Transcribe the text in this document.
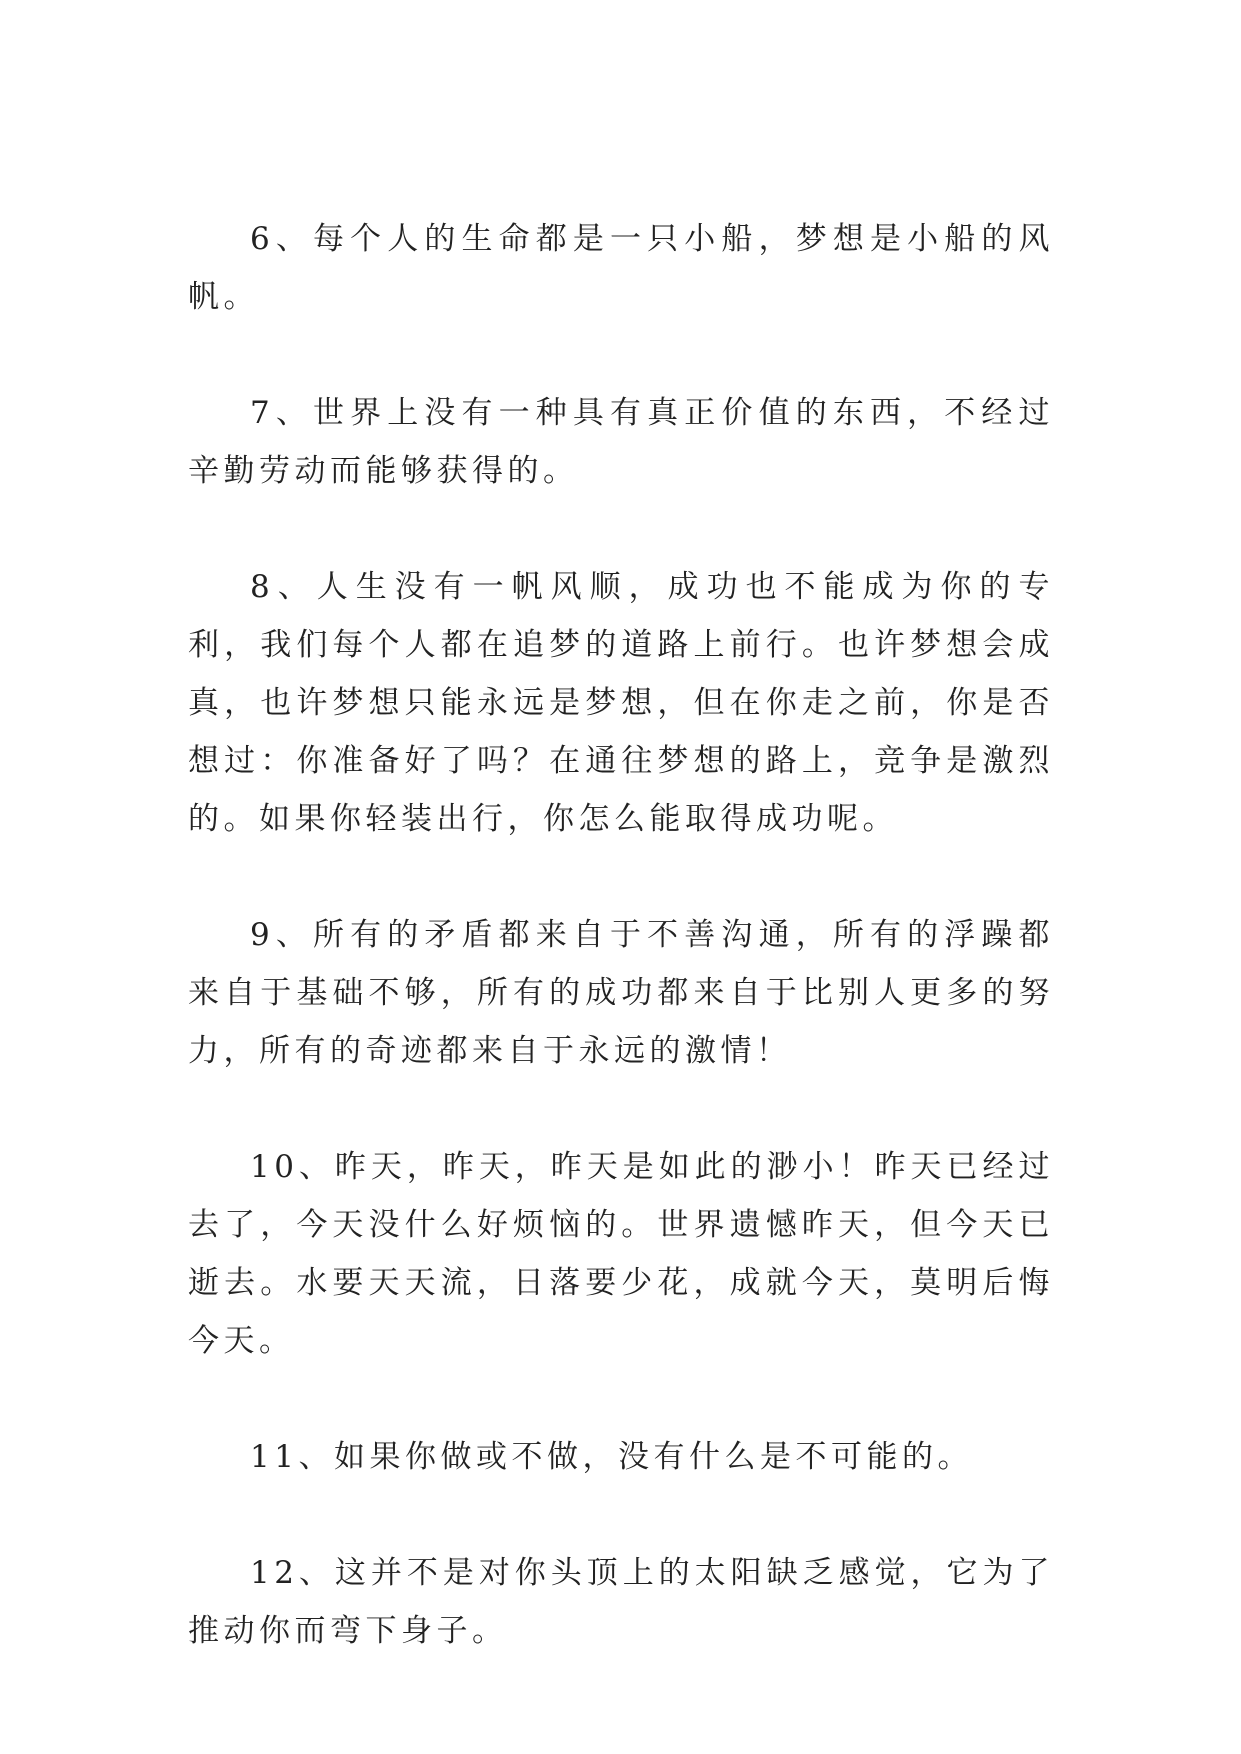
6、每个人的生命都是一只小船，梦想是小船的风帆。

7、世界上没有一种具有真正价值的东西，不经过辛勤劳动而能够获得的。

8、人生没有一帆风顺，成功也不能成为你的专利，我们每个人都在追梦的道路上前行。也许梦想会成真，也许梦想只能永远是梦想，但在你走之前，你是否想过：你准备好了吗？在通往梦想的路上，竞争是激烈的。如果你轻装出行，你怎么能取得成功呢。

9、所有的矛盾都来自于不善沟通，所有的浮躁都来自于基础不够，所有的成功都来自于比别人更多的努力，所有的奇迹都来自于永远的激情！

10、昨天，昨天，昨天是如此的渺小！昨天已经过去了，今天没什么好烦恼的。世界遗憾昨天，但今天已逝去。水要天天流，日落要少花，成就今天，莫明后悔今天。

11、如果你做或不做，没有什么是不可能的。

12、这并不是对你头顶上的太阳缺乏感觉，它为了推动你而弯下身子。
